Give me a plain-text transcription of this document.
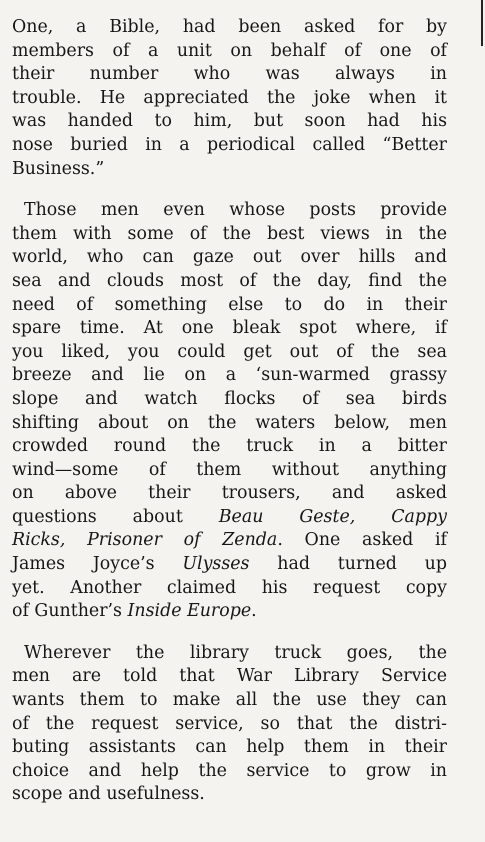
One, a Bible, had been asked for by
members of a unit on behalf of one of
their number who was always in
trouble. He appreciated the joke when it
was handed to him, but soon had his
nose buried in a periodical called “Better
Business.”

Those men even whose posts provide
them with some of the best views in the
world, who can gaze out over hills and
sea and clouds most of the day, find the
need of something else to do in their
spare time. At one bleak spot where, if
you liked, you could get out of the sea
breeze and lie on a ‘sun-warmed grassy
slope and watch flocks of sea birds
shifting about on the waters below, men
crowded round the truck in a bitter
wind—some of them without anything
on above their trousers, and asked
questions about Beau Geste, Cappy
Ricks, Prisoner of Zenda. One asked if
James Joyce’s Ulysses had turned up
yet. Another claimed his request copy
of Gunther’s Inside Europe.

Wherever the library truck goes, the
men are told that War Library Service
wants them to make all the use they can
of the request service, so that the distri-
buting assistants can help them in their
choice and help the service to grow in
scope and usefulness.
